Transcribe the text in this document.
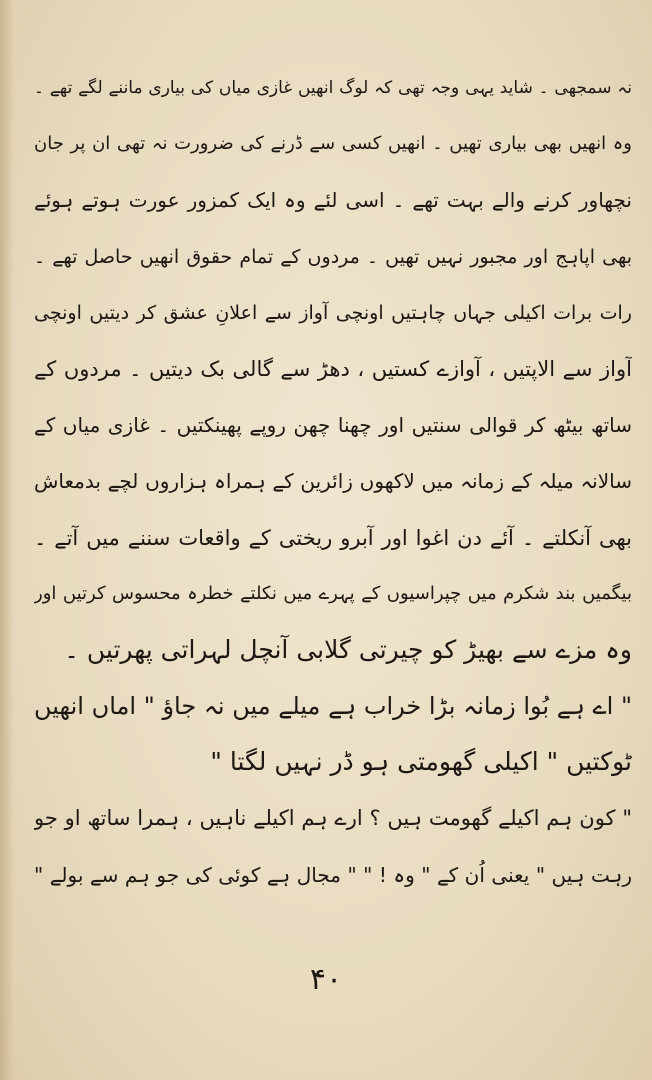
نہ سمجھی ۔ شاید یہی وجہ تھی کہ لوگ انھیں غازی میاں کی بیاری ماننے لگے تھے ۔
وہ انھیں بھی بیاری تھیں ۔ انھیں کسی سے ڈرنے کی ضرورت نہ تھی ان پر جان
نچھاور کرنے والے بہت تھے ۔ اسی لئے وہ ایک کمزور عورت ہوتے ہوئے
بھی اپاہج اور مجبور نہیں تھیں ۔ مردوں کے تمام حقوق انھیں حاصل تھے ۔
رات برات اکیلی جہاں چاہتیں اونچی آواز سے اعلانِ عشق کر دیتیں اونچی
آواز سے الاپتیں ، آوازے کستیں ، دھڑ سے گالی بک دیتیں ۔ مردوں کے
ساتھ بیٹھ کر قوالی سنتیں اور چھنا چھن روپے پھینکتیں ۔ غازی میاں کے
سالانہ میلہ کے زمانہ میں لاکھوں زائرین کے ہمراہ ہزاروں لچے بدمعاش
بھی آنکلتے ۔ آئے دن اغوا اور آبرو ریختی کے واقعات سننے میں آتے ۔
بیگمیں بند شکرم میں چپراسیوں کے پہرے میں نکلتے خطرہ محسوس کرتیں اور
وہ مزے سے بھیڑ کو چیرتی گلابی آنچل لہراتی پھرتیں ۔
" اے ہے بُوا زمانہ بڑا خراب ہے میلے میں نہ جاؤ " اماں انھیں
ٹوکتیں " اکیلی گھومتی ہو ڈر نہیں لگتا "
" کون ہم اکیلے گھومت ہیں ؟ ارے ہم اکیلے ناہیں ، ہمرا ساتھ او جو
رہت ہیں " یعنی اُن کے " وہ ! " " مجال ہے کوئی کی جو ہم سے بولے "
۴۰
